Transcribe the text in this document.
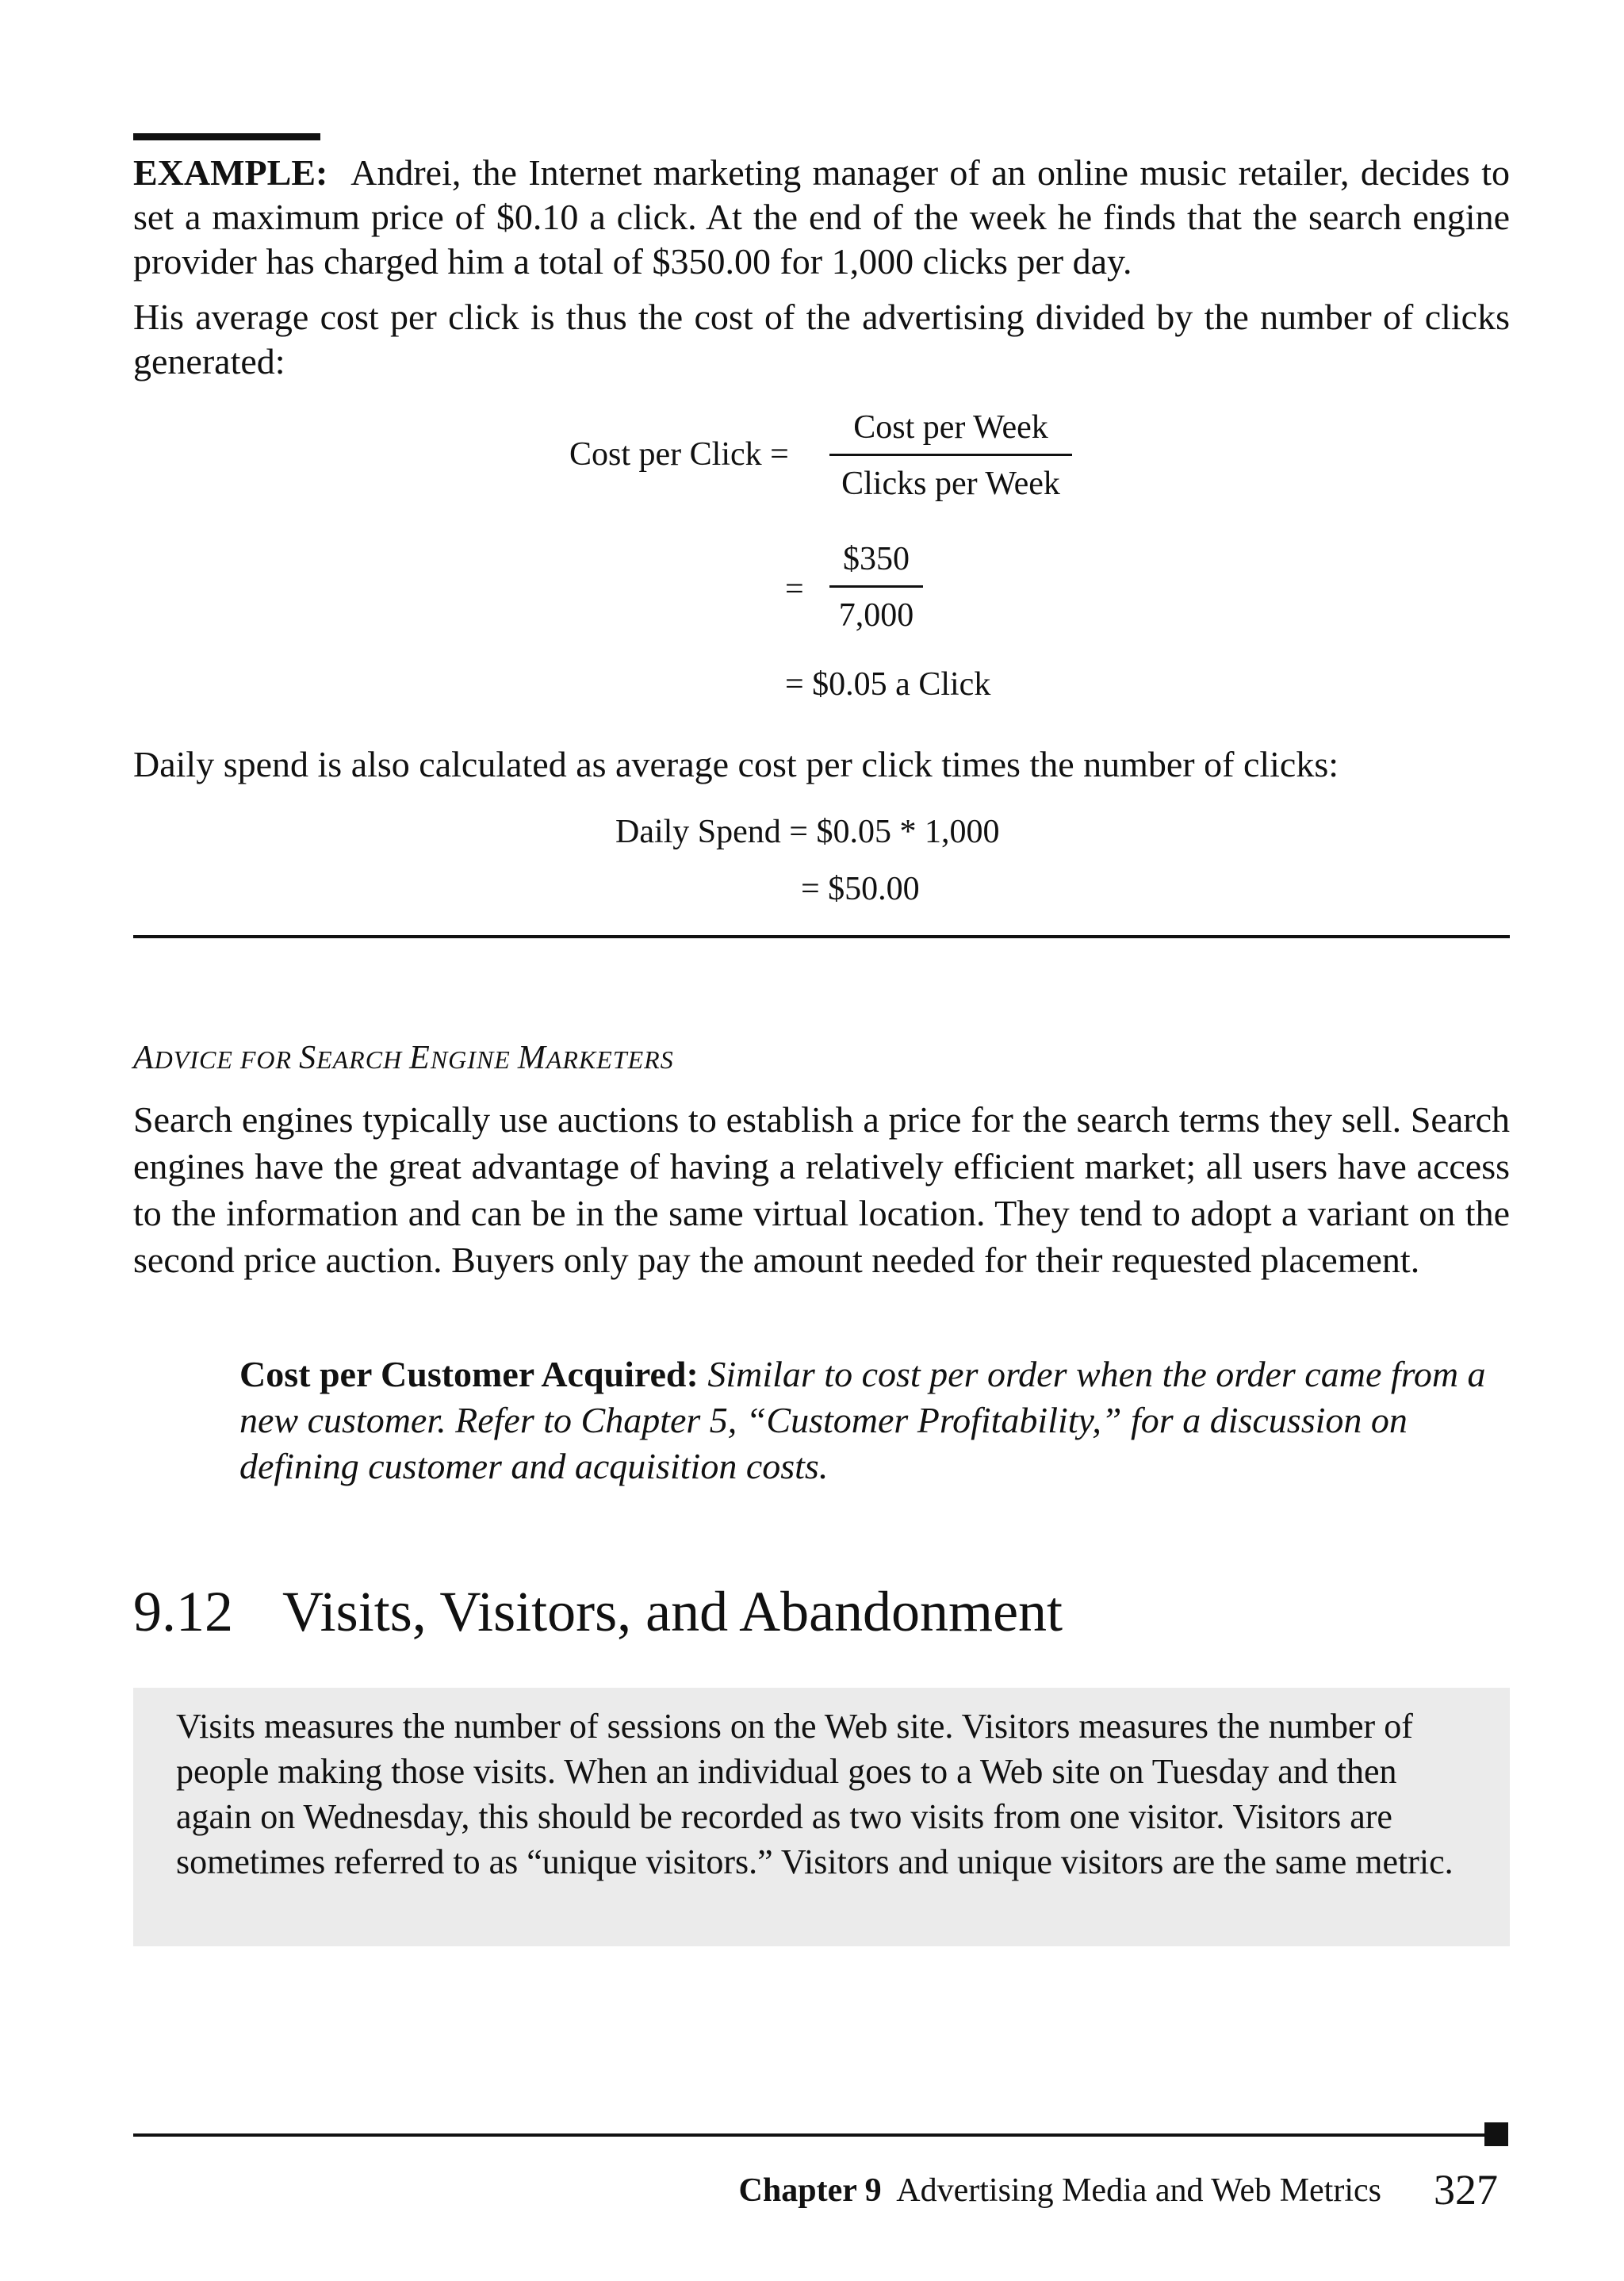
EXAMPLE: Andrei, the Internet marketing manager of an online music retailer, decides to set a maximum price of $0.10 a click. At the end of the week he finds that the search engine provider has charged him a total of $350.00 for 1,000 clicks per day.

His average cost per click is thus the cost of the advertising divided by the number of clicks generated:

Cost per Click =
Cost per Week
Clicks per Week
=
$350
7,000
= $0.05 a Click

Daily spend is also calculated as average cost per click times the number of clicks:

Daily Spend = $0.05 * 1,000
= $50.00
ADVICE FOR SEARCH ENGINE MARKETERS

Search engines typically use auctions to establish a price for the search terms they sell. Search engines have the great advantage of having a relatively efficient market; all users have access to the information and can be in the same virtual location. They tend to adopt a variant on the second price auction. Buyers only pay the amount needed for their requested placement.

Cost per Customer Acquired: Similar to cost per order when the order came from a new customer. Refer to Chapter 5, “Customer Profitability,” for a discussion on defining customer and acquisition costs.

9.12 Visits, Visitors, and Abandonment
Visits measures the number of sessions on the Web site. Visitors measures the number of people making those visits. When an individual goes to a Web site on Tuesday and then again on Wednesday, this should be recorded as two visits from one visitor. Visitors are sometimes referred to as “unique visitors.” Visitors and unique visitors are the same metric.
Chapter 9 Advertising Media and Web Metrics 327
